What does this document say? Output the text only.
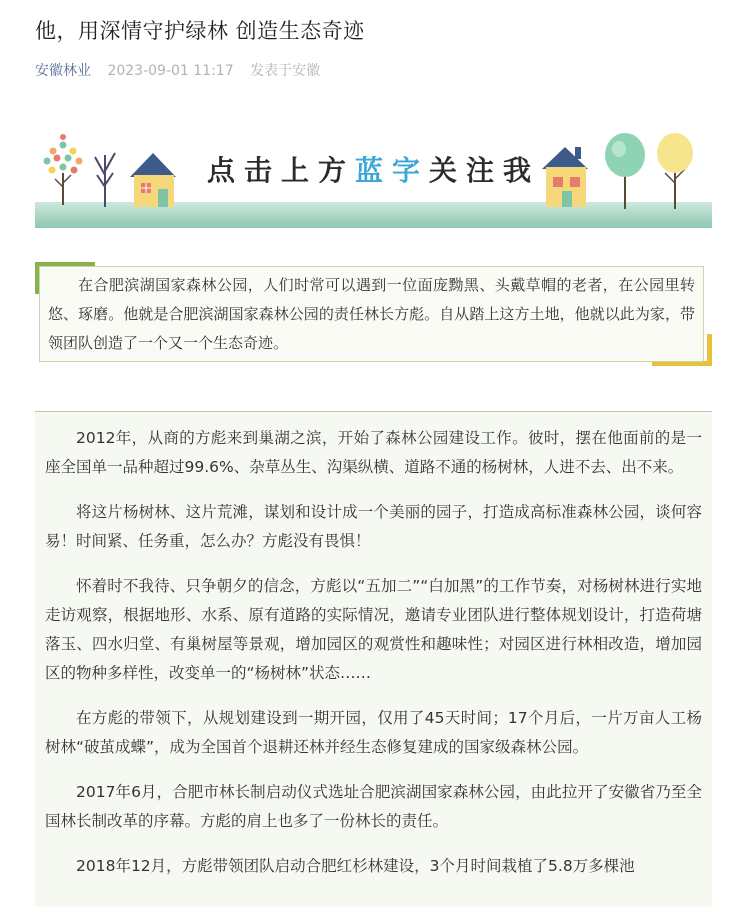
他，用深情守护绿林 创造生态奇迹
安徽林业 2023-09-01 11:17 发表于安徽
点击上方蓝字关注我
在合肥滨湖国家森林公园，人们时常可以遇到一位面庞黝黑、头戴草帽的老者，在公园里转悠、琢磨。他就是合肥滨湖国家森林公园的责任林长方彪。自从踏上这方土地，他就以此为家，带领团队创造了一个又一个生态奇迹。

2012年，从商的方彪来到巢湖之滨，开始了森林公园建设工作。彼时，摆在他面前的是一座全国单一品种超过99.6%、杂草丛生、沟渠纵横、道路不通的杨树林，人进不去、出不来。

将这片杨树林、这片荒滩，谋划和设计成一个美丽的园子，打造成高标准森林公园，谈何容易！时间紧、任务重，怎么办？方彪没有畏惧！

怀着时不我待、只争朝夕的信念，方彪以“五加二”“白加黑”的工作节奏，对杨树林进行实地走访观察，根据地形、水系、原有道路的实际情况，邀请专业团队进行整体规划设计，打造荷塘落玉、四水归堂、有巢树屋等景观，增加园区的观赏性和趣味性；对园区进行林相改造，增加园区的物种多样性，改变单一的“杨树林”状态……

在方彪的带领下，从规划建设到一期开园，仅用了45天时间；17个月后，一片万亩人工杨树林“破茧成蝶”，成为全国首个退耕还林并经生态修复建成的国家级森林公园。

2017年6月，合肥市林长制启动仪式选址合肥滨湖国家森林公园，由此拉开了安徽省乃至全国林长制改革的序幕。方彪的肩上也多了一份林长的责任。

2018年12月，方彪带领团队启动合肥红杉林建设，3个月时间栽植了5.8万多棵池
